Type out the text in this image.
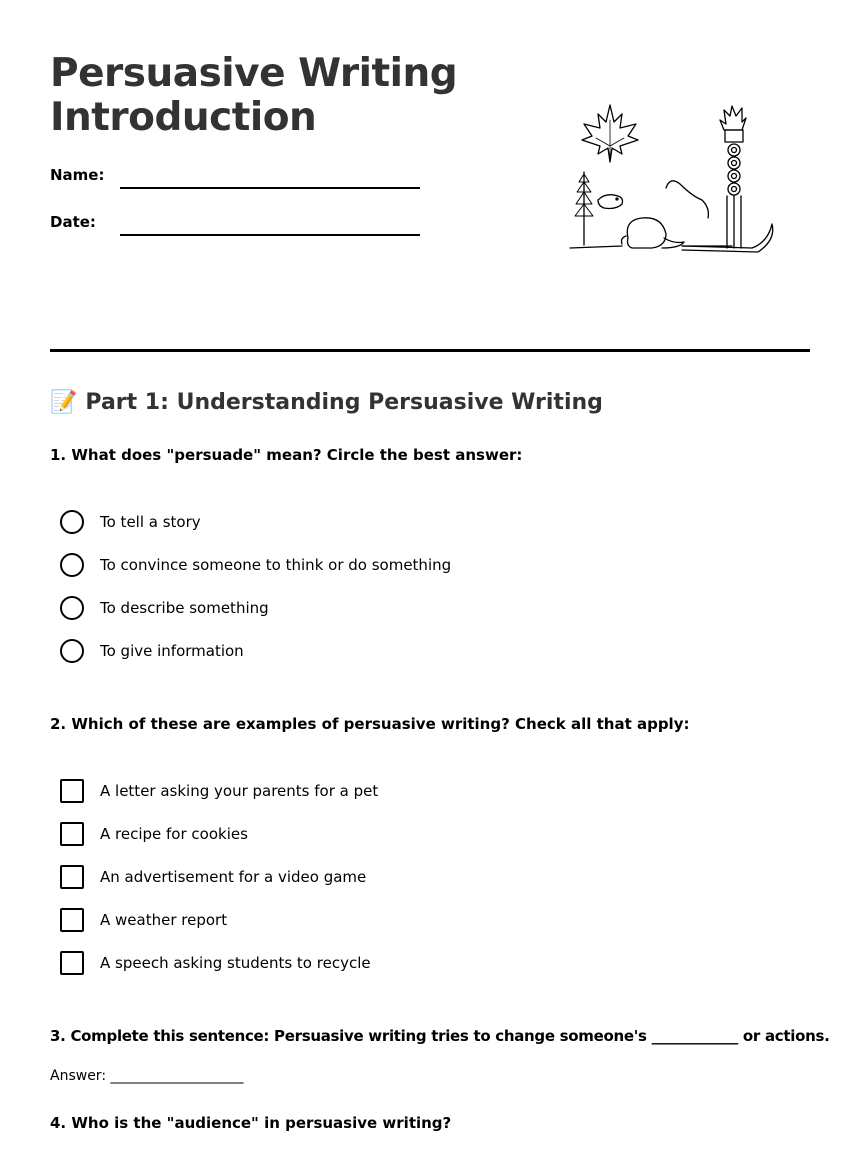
Persuasive Writing
Introduction
Name:
Date:
📝 Part 1: Understanding Persuasive Writing
1. What does "persuade" mean? Circle the best answer:
To tell a story
To convince someone to think or do something
To describe something
To give information
2. Which of these are examples of persuasive writing? Check all that apply:
A letter asking your parents for a pet
A recipe for cookies
An advertisement for a video game
A weather report
A speech asking students to recycle
3. Complete this sentence: Persuasive writing tries to change someone's ____________ or actions.
Answer: ___________________
4. Who is the "audience" in persuasive writing?
